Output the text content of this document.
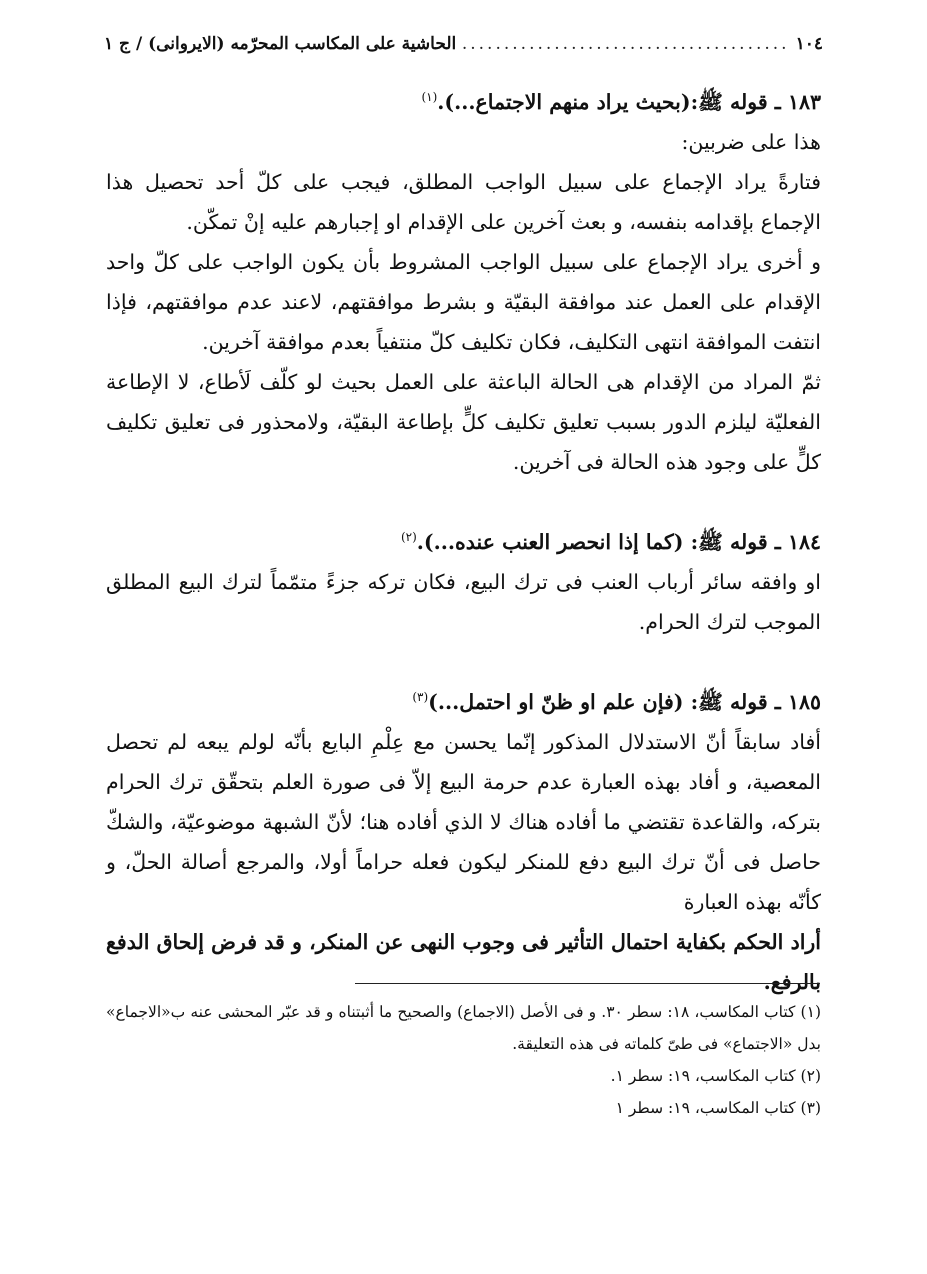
١٠٤
.....
الحاشية على المكاسب المحرّمه (الايروانى) / ج ١

١٨٣ ـ قوله ﷺ:(بحيث يراد منهم الاجتماع...).$^{(١)}$

هذا على ضربين:

فتارةً يراد الإجماع على سبيل الواجب المطلق، فيجب على كلّ أحد تحصيل هذا الإجماع بإقدامه بنفسه، و بعث آخرين على الإقدام او إجبارهم عليه إنْ تمكّن.

و أخرى يراد الإجماع على سبيل الواجب المشروط بأن يكون الواجب على كلّ واحد الإقدام على العمل عند موافقة البقيّة و بشرط موافقتهم، لاعند عدم موافقتهم، فإذا انتفت الموافقة انتهى التكليف، فكان تكليف كلّ منتفياً بعدم موافقة آخرين.

ثمّ المراد من الإقدام هى الحالة الباعثة على العمل بحيث لو كلّف لَأطاع، لا الإطاعة الفعليّة ليلزم الدور بسبب تعليق تكليف كلٍّ بإطاعة البقيّة، ولامحذور فى تعليق تكليف كلٍّ على وجود هذه الحالة فى آخرين.

١٨٤ ـ قوله ﷺ: (كما إذا انحصر العنب عنده...).$^{(٢)}$

او وافقه سائر أرباب العنب فى ترك البيع، فكان تركه جزءً متمّماً لترك البيع المطلق الموجب لترك الحرام.

١٨٥ ـ قوله ﷺ: (فإن علم او ظنّ او احتمل...)$^{(٣)}$

أفاد سابقاً أنّ الاستدلال المذكور إنّما يحسن مع عِلْمِ البايع بأنّه لولم يبعه لم تحصل المعصية، و أفاد بهذه العبارة عدم حرمة البيع إلاّ فى صورة العلم بتحقّق ترك الحرام بتركه، والقاعدة تقتضي ما أفاده هناك لا الذي أفاده هنا؛ لأنّ الشبهة موضوعيّة، والشكّ حاصل فى أنّ ترك البيع دفع للمنكر ليكون فعله حراماً أولا، والمرجع أصالة الحلّ، و كأنّه بهذه العبارة

أراد الحكم بكفاية احتمال التأثير فى وجوب النهى عن المنكر، و قد فرض إلحاق الدفع بالرفع.

(١) كتاب المكاسب، ١٨: سطر ٣٠. و فى الأصل (الاجماع) والصحيح ما أثبتناه و قد عبّر المحشى عنه ب«الاجماع» بدل «الاجتماع» فى طىّ كلماته فى هذه التعليقة.

(٢) كتاب المكاسب، ١٩: سطر ١.

(٣) كتاب المكاسب، ١٩: سطر ١
